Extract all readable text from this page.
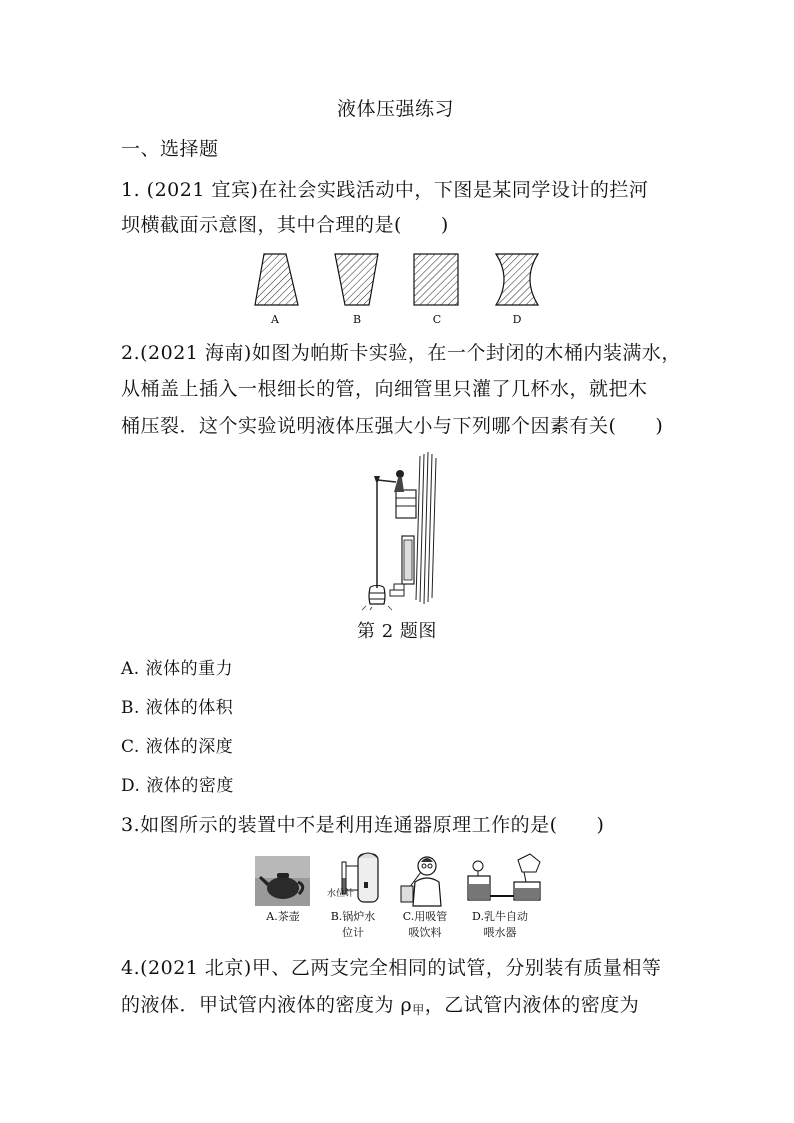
液体压强练习
一、选择题
1. (2021 宜宾)在社会实践活动中，下图是某同学设计的拦河
坝横截面示意图，其中合理的是(　　)
A	B	C	D
2.(2021 海南)如图为帕斯卡实验，在一个封闭的木桶内装满水，
从桶盖上插入一根细长的管，向细管里只灌了几杯水，就把木
桶压裂．这个实验说明液体压强大小与下列哪个因素有关(　　)
第 2 题图
A. 液体的重力
B. 液体的体积
C. 液体的深度
D. 液体的密度
3.如图所示的装置中不是利用连通器原理工作的是(　　)
水位计
A.茶壶	B.锅炉水
位计
C.用吸管
吸饮料
D.乳牛自动
喂水器
4.(2021 北京)甲、乙两支完全相同的试管，分别装有质量相等
的液体．甲试管内液体的密度为 ρ甲，乙试管内液体的密度为
